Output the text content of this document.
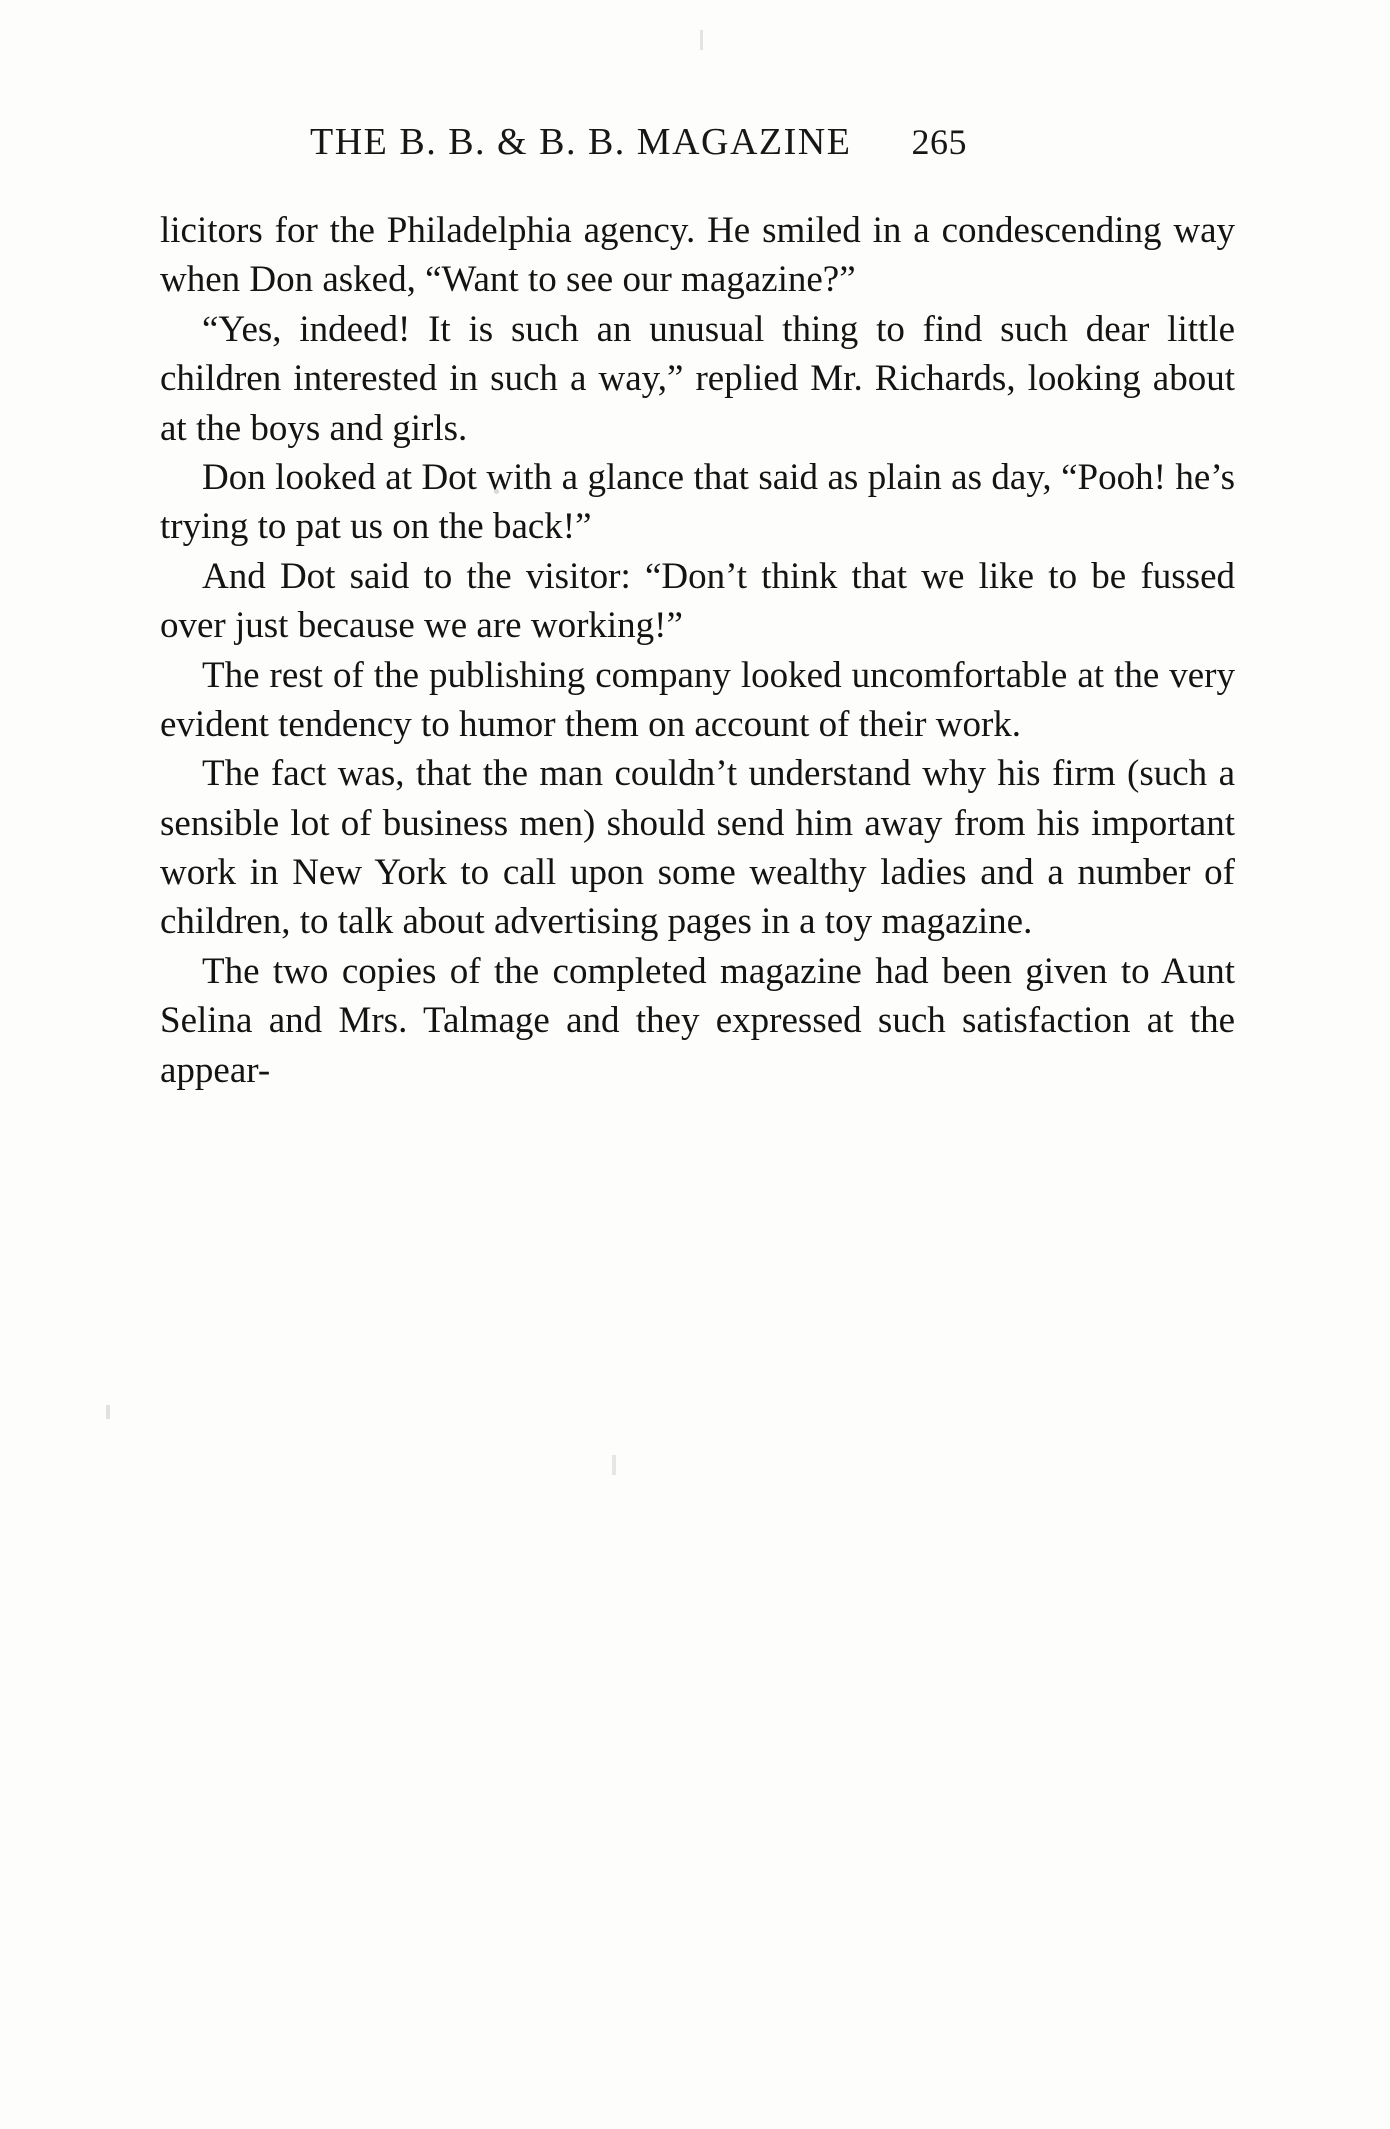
THE B. B. & B. B. MAGAZINE 265

licitors for the Philadelphia agency. He smiled in a condescending way when Don asked, “Want to see our magazine?”

“Yes, indeed! It is such an unusual thing to find such dear little children interested in such a way,” replied Mr. Richards, looking about at the boys and girls.

Don looked at Dot with a glance that said as plain as day, “Pooh! he’s trying to pat us on the back!”

And Dot said to the visitor: “Don’t think that we like to be fussed over just because we are working!”

The rest of the publishing company looked uncomfortable at the very evident tendency to humor them on account of their work.

The fact was, that the man couldn’t understand why his firm (such a sensible lot of business men) should send him away from his important work in New York to call upon some wealthy ladies and a number of children, to talk about advertising pages in a toy magazine.

The two copies of the completed magazine had been given to Aunt Selina and Mrs. Talmage and they expressed such satisfaction at the appear-
